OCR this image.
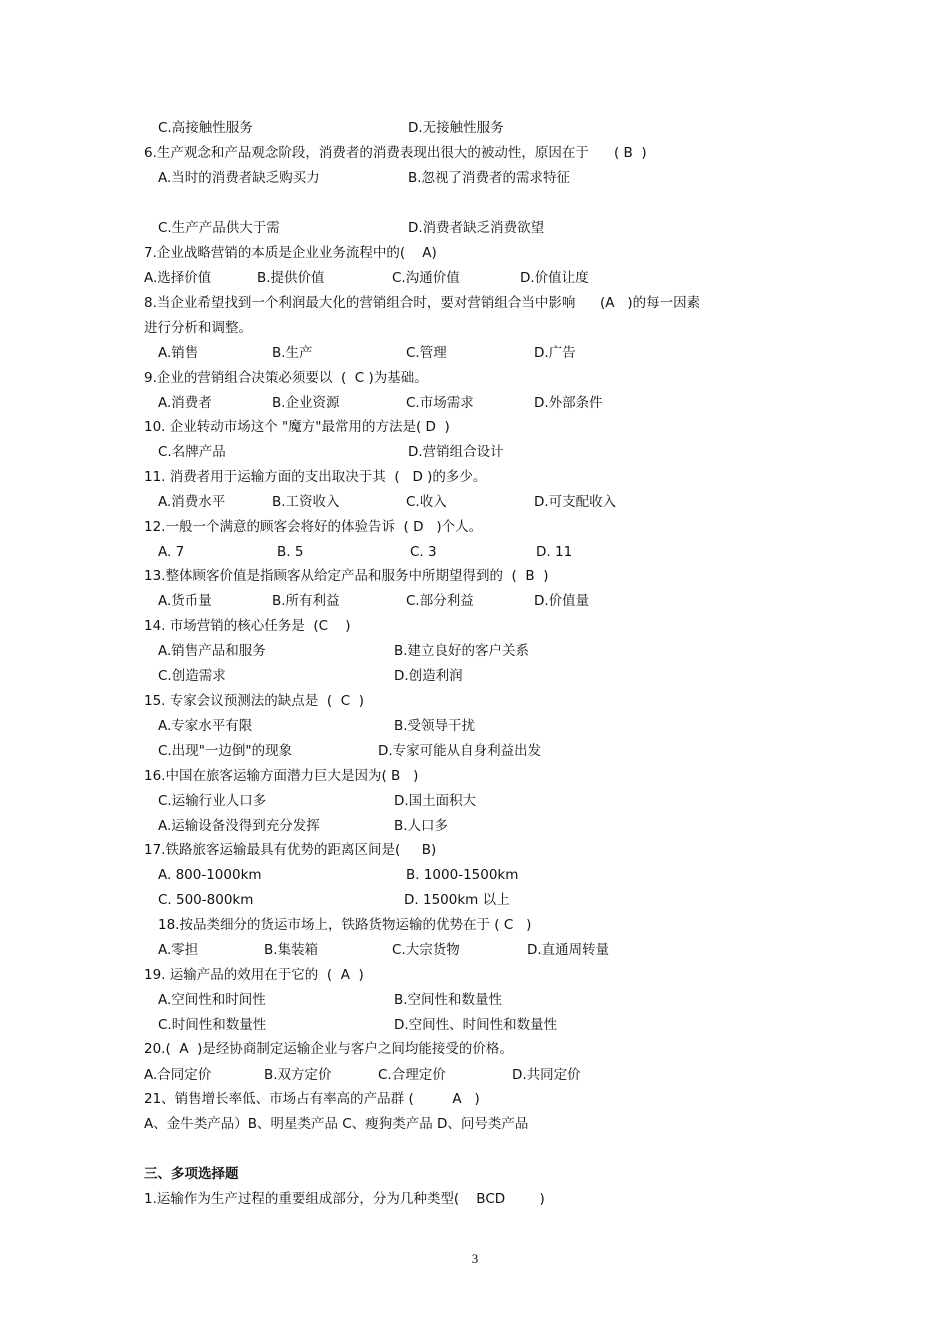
C.高接触性服务	D.无接触性服务
6.生产观念和产品观念阶段，消费者的消费表现出很大的被动性，原因在于 ( B  )
A.当时的消费者缺乏购买力	B.忽视了消费者的需求特征
C.生产产品供大于需	D.消费者缺乏消费欲望
7.企业战略营销的本质是企业业务流程中的(    A)
A.选择价值	B.提供价值	C.沟通价值	D.价值让度
8.当企业希望找到一个利润最大化的营销组合时，要对营销组合当中影响 (A   )的每一因素
进行分析和调整。
A.销售	B.生产	C.管理	D.广告
9.企业的营销组合决策必须要以  (  C )为基础。
A.消费者	B.企业资源	C.市场需求	D.外部条件
10. 企业转动市场这个 "魔方"最常用的方法是( D  )
C.名牌产品	D.营销组合设计
11. 消费者用于运输方面的支出取决于其  (   D )的多少。
A.消费水平	B.工资收入	C.收入	D.可支配收入
12.一般一个满意的顾客会将好的体验告诉  ( D   )个人。
A. 7	B. 5	C. 3	D. 11
13.整体顾客价值是指顾客从给定产品和服务中所期望得到的  (  B  )
A.货币量	B.所有利益	C.部分利益	D.价值量
14. 市场营销的核心任务是  (C    )
A.销售产品和服务	B.建立良好的客户关系
C.创造需求	D.创造利润
15. 专家会议预测法的缺点是  (  C  )
A.专家水平有限	B.受领导干扰
C.出现"一边倒"的现象	D.专家可能从自身利益出发
16.中国在旅客运输方面潜力巨大是因为( B   )
C.运输行业人口多	D.国土面积大
A.运输设备没得到充分发挥	B.人口多
17.铁路旅客运输最具有优势的距离区间是(     B)
A. 800-1000km	B. 1000-1500km
C. 500-800km	D. 1500km 以上
18.按品类细分的货运市场上，铁路货物运输的优势在于 ( C   )
A.零担	B.集装箱	C.大宗货物	D.直通周转量
19. 运输产品的效用在于它的  (  A  )
A.空间性和时间性	B.空间性和数量性
C.时间性和数量性	D.空间性、时间性和数量性
20.(  A  )是经协商制定运输企业与客户之间均能接受的价格。
A.合同定价	B.双方定价	C.合理定价	D.共同定价
21、销售增长率低、市场占有率高的产品群 (         A   )
A、金牛类产品）B、明星类产品 C、瘦狗类产品 D、问号类产品
三、多项选择题
1.运输作为生产过程的重要组成部分，分为几种类型(    BCD        )
3
